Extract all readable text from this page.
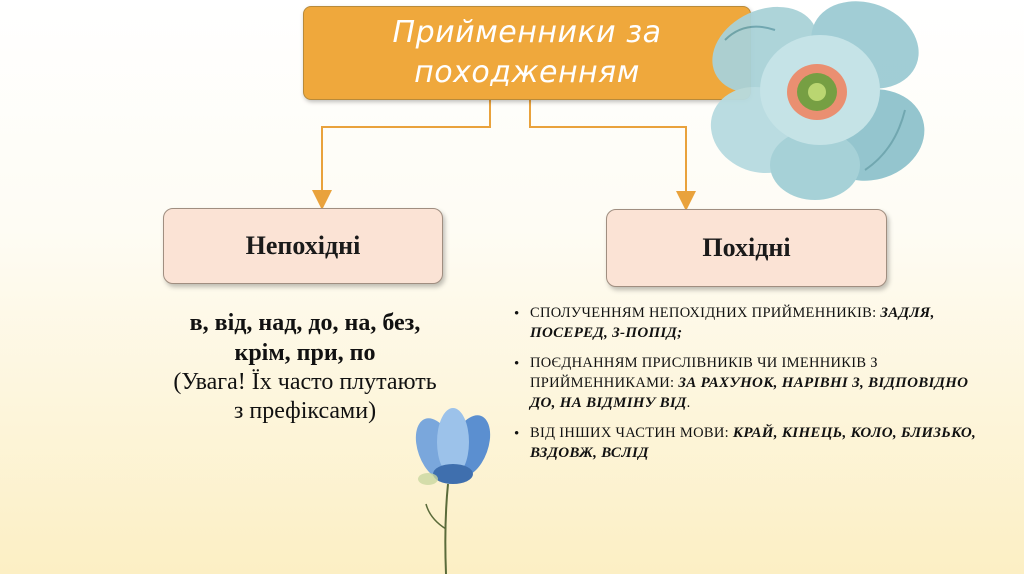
Прийменники за
походженням
Непохідні	Похідні
в, від, над, до, на, без,
крім, при, по
(Увага! Їх часто плутають
з префіксами)
• СПОЛУЧЕННЯМ НЕПОХІДНИХ ПРИЙМЕННИКІВ: ЗАДЛЯ, ПОСЕРЕД, З-ПОПІД;
• ПОЄДНАННЯМ ПРИСЛІВНИКІВ ЧИ ІМЕННИКІВ З ПРИЙМЕННИКАМИ: ЗА РАХУНОК, НАРІВНІ З, ВІДПОВІДНО ДО, НА ВІДМІНУ ВІД.
• ВІД ІНШИХ ЧАСТИН МОВИ: КРАЙ, КІНЕЦЬ, КОЛО, БЛИЗЬКО, ВЗДОВЖ, ВСЛІД
